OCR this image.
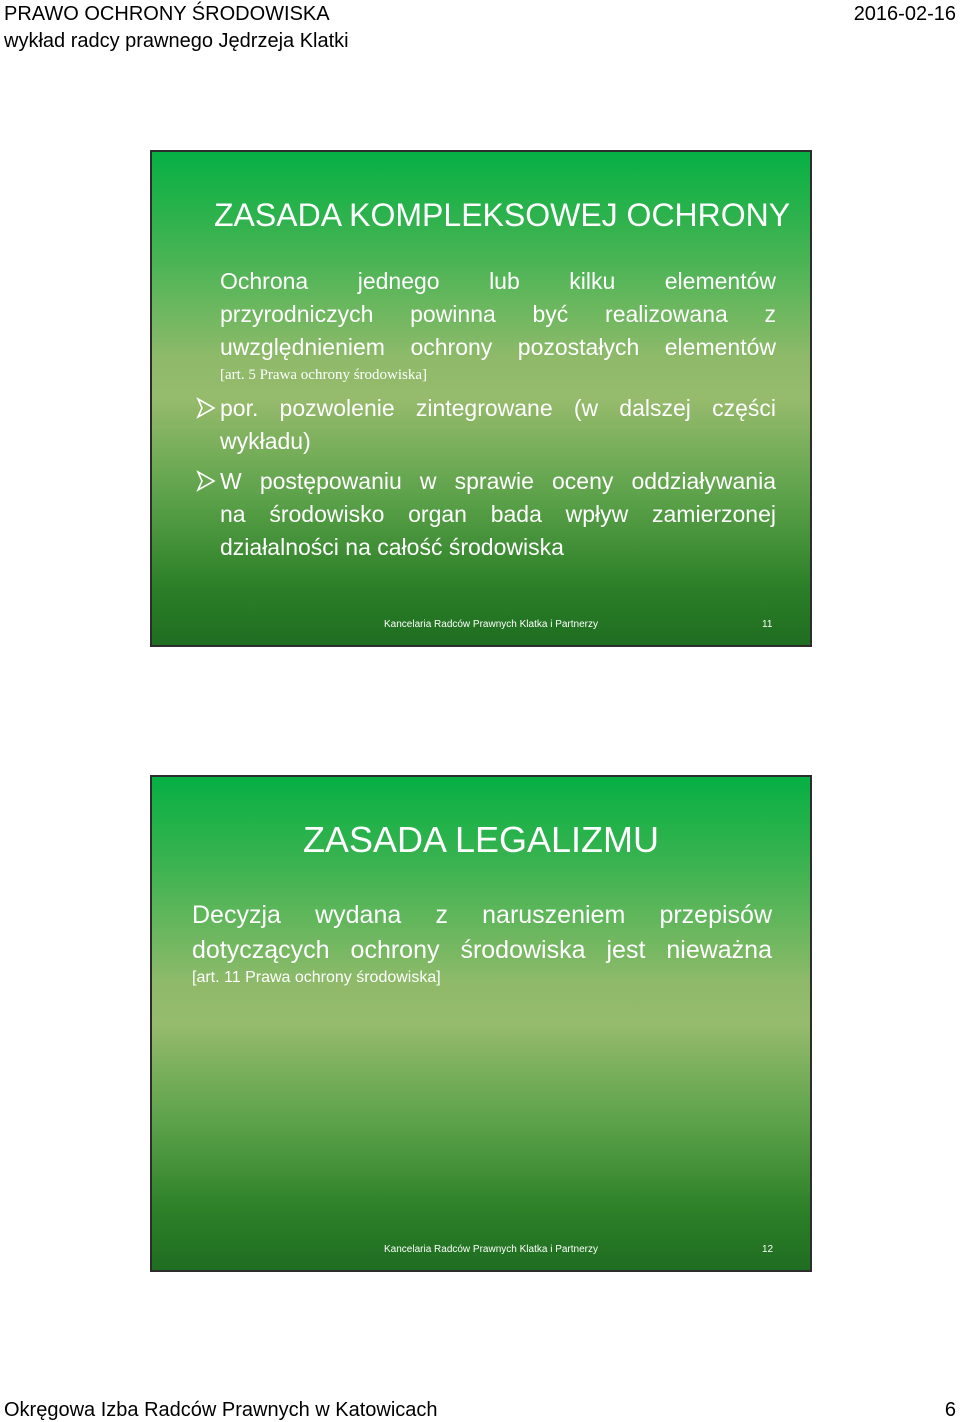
PRAWO OCHRONY ŚRODOWISKA
wykład radcy prawnego Jędrzeja Klatki
2016-02-16
ZASADA KOMPLEKSOWEJ OCHRONY
Ochrona jednego lub kilku elementów
przyrodniczych powinna być realizowana z
uwzględnieniem ochrony pozostałych elementów
[art. 5 Prawa ochrony środowiska]
por. pozwolenie zintegrowane (w dalszej części
wykładu)
W postępowaniu w sprawie oceny oddziaływania
na środowisko organ bada wpływ zamierzonej
działalności na całość środowiska
Kancelaria Radców Prawnych Klatka i Partnerzy	11
ZASADA LEGALIZMU
Decyzja wydana z naruszeniem przepisów
dotyczących ochrony środowiska jest nieważna
[art. 11 Prawa ochrony środowiska]
Kancelaria Radców Prawnych Klatka i Partnerzy	12
Okręgowa Izba Radców Prawnych w Katowicach	6
